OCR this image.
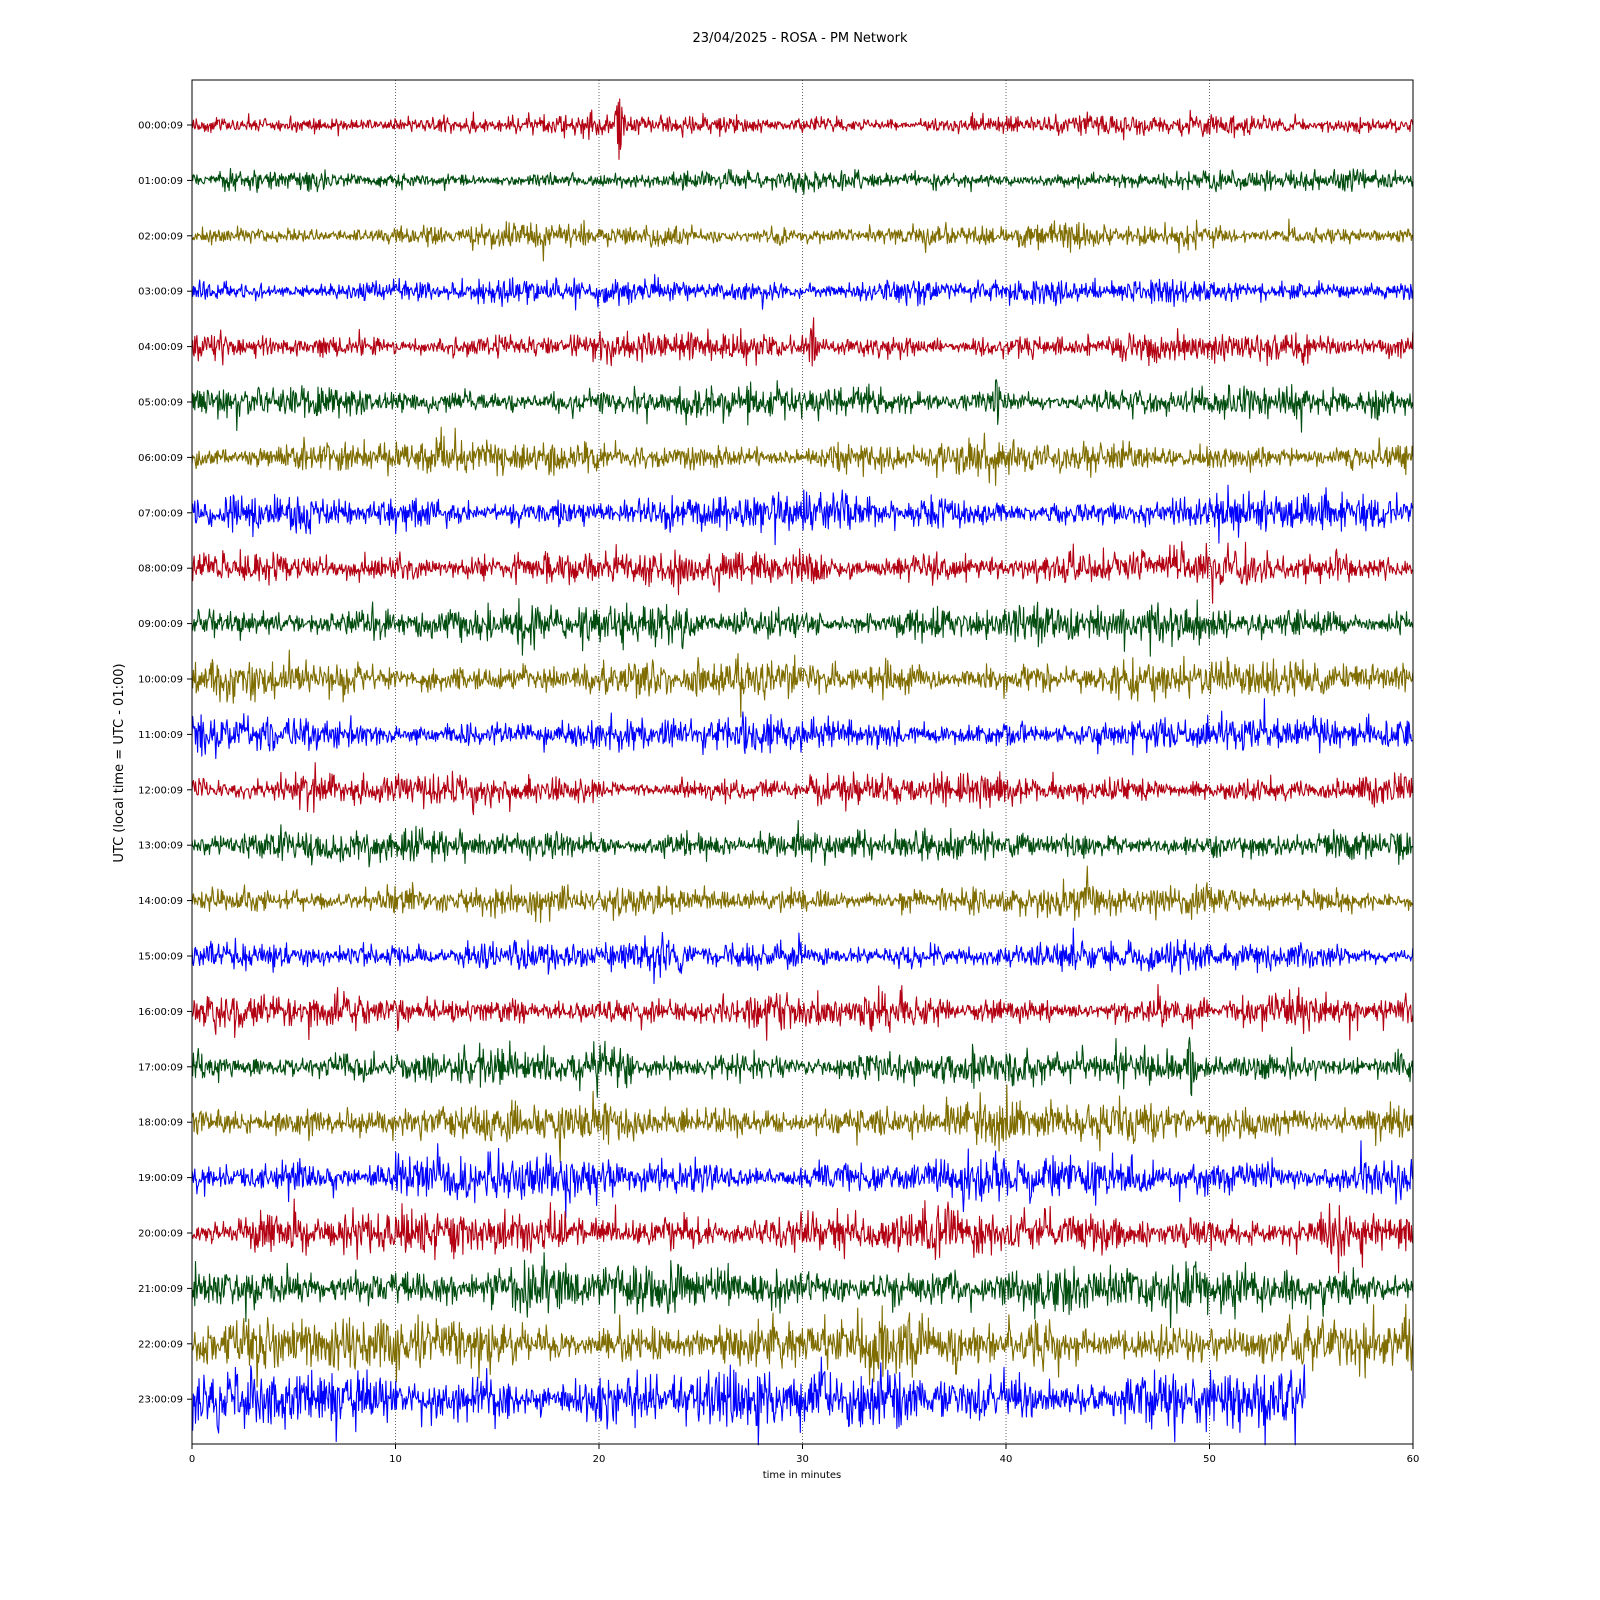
23/04/2025 - ROSA - PM Network
0	10	20	30	40	50	60
00:00:09
01:00:09
02:00:09
03:00:09
04:00:09
05:00:09
06:00:09
07:00:09
08:00:09
09:00:09
10:00:09
11:00:09
12:00:09
13:00:09
14:00:09
15:00:09
16:00:09
17:00:09
18:00:09
19:00:09
20:00:09
21:00:09
22:00:09
23:00:09
time in minutes
UTC (local time = UTC - 01:00)
